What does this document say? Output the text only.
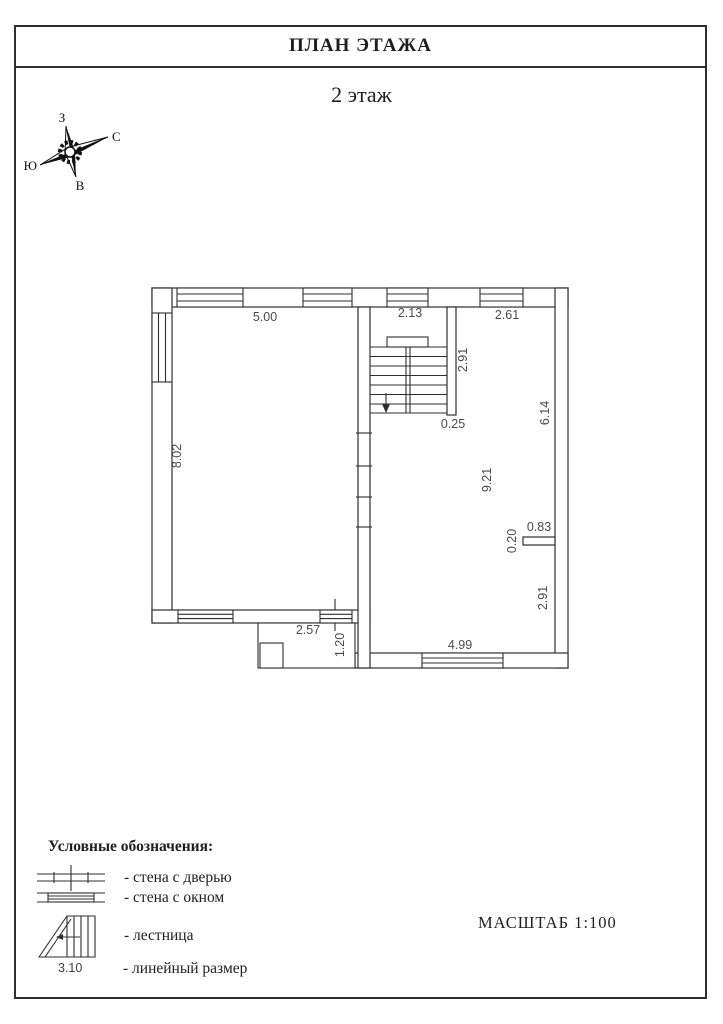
ПЛАН ЭТАЖА
2 этаж
З
С
Ю
В
5.00	2.13	2.61
0.25
2.57
4.99
0.83
8.02
2.91
6.14
9.21
0.20
2.91
1.20
Условные обозначения:
- стена с дверью
- стена с окном
- лестница
3.10	- линейный размер
МАСШТАБ 1:100
